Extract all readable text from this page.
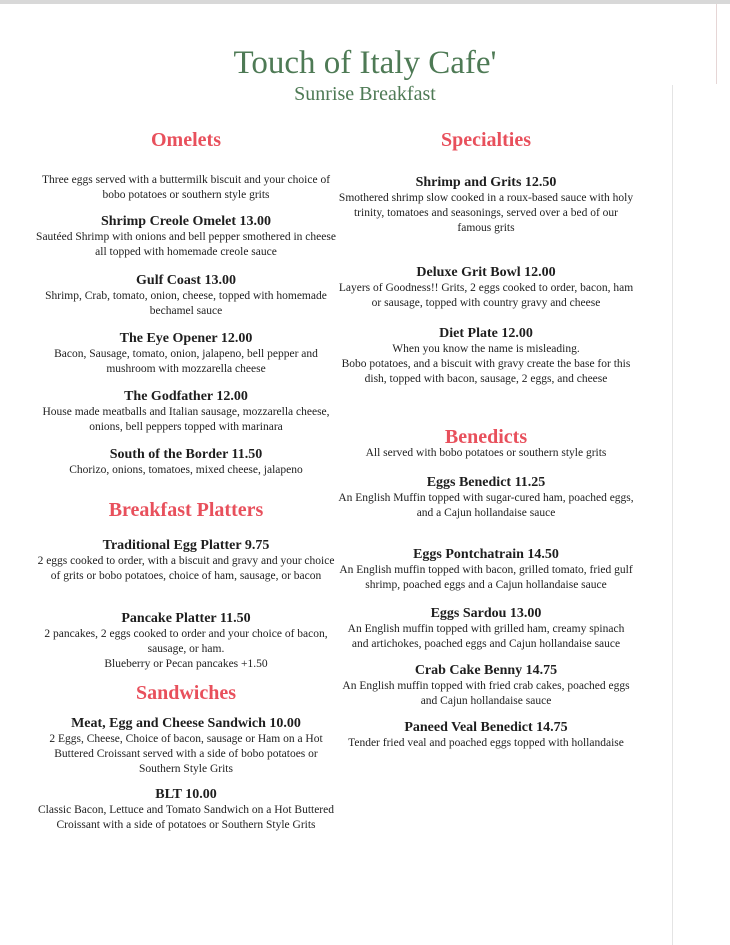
Touch of Italy Cafe'
Sunrise Breakfast
Omelets
Three eggs served with a buttermilk biscuit and your choice of bobo potatoes or southern style grits
Shrimp Creole Omelet 13.00
Sautéed Shrimp with onions and bell pepper smothered in cheese all topped with homemade creole sauce
Gulf Coast 13.00
Shrimp, Crab, tomato, onion, cheese, topped with homemade bechamel sauce
The Eye Opener 12.00
Bacon, Sausage, tomato, onion, jalapeno, bell pepper and mushroom with mozzarella cheese
The Godfather 12.00
House made meatballs and Italian sausage, mozzarella cheese, onions, bell peppers topped with marinara
South of the Border 11.50
Chorizo, onions, tomatoes, mixed cheese, jalapeno
Breakfast Platters
Traditional Egg Platter 9.75
2 eggs cooked to order, with a biscuit and gravy and your choice of grits or bobo potatoes, choice of ham, sausage, or bacon
Pancake Platter 11.50
2 pancakes, 2 eggs cooked to order and your choice of bacon, sausage, or ham.
Blueberry or Pecan pancakes +1.50
Sandwiches
Meat, Egg and Cheese Sandwich 10.00
2 Eggs, Cheese, Choice of bacon, sausage or Ham on a Hot Buttered Croissant served with a side of bobo potatoes or Southern Style Grits
BLT 10.00
Classic Bacon, Lettuce and Tomato Sandwich on a Hot Buttered Croissant with a side of potatoes or Southern Style Grits
Specialties
Shrimp and Grits 12.50
Smothered shrimp slow cooked in a roux-based sauce with holy trinity, tomatoes and seasonings, served over a bed of our famous grits
Deluxe Grit Bowl 12.00
Layers of Goodness!! Grits, 2 eggs cooked to order, bacon, ham or sausage, topped with country gravy and cheese
Diet Plate 12.00
When you know the name is misleading.
Bobo potatoes, and a biscuit with gravy create the base for this dish, topped with bacon, sausage, 2 eggs, and cheese
Benedicts
All served with bobo potatoes or southern style grits
Eggs Benedict 11.25
An English Muffin topped with sugar-cured ham, poached eggs, and a Cajun hollandaise sauce
Eggs Pontchatrain 14.50
An English muffin topped with bacon, grilled tomato, fried gulf shrimp, poached eggs and a Cajun hollandaise sauce
Eggs Sardou 13.00
An English muffin topped with grilled ham, creamy spinach and artichokes, poached eggs and Cajun hollandaise sauce
Crab Cake Benny 14.75
An English muffin topped with fried crab cakes, poached eggs and Cajun hollandaise sauce
Paneed Veal Benedict 14.75
Tender fried veal and poached eggs topped with hollandaise
